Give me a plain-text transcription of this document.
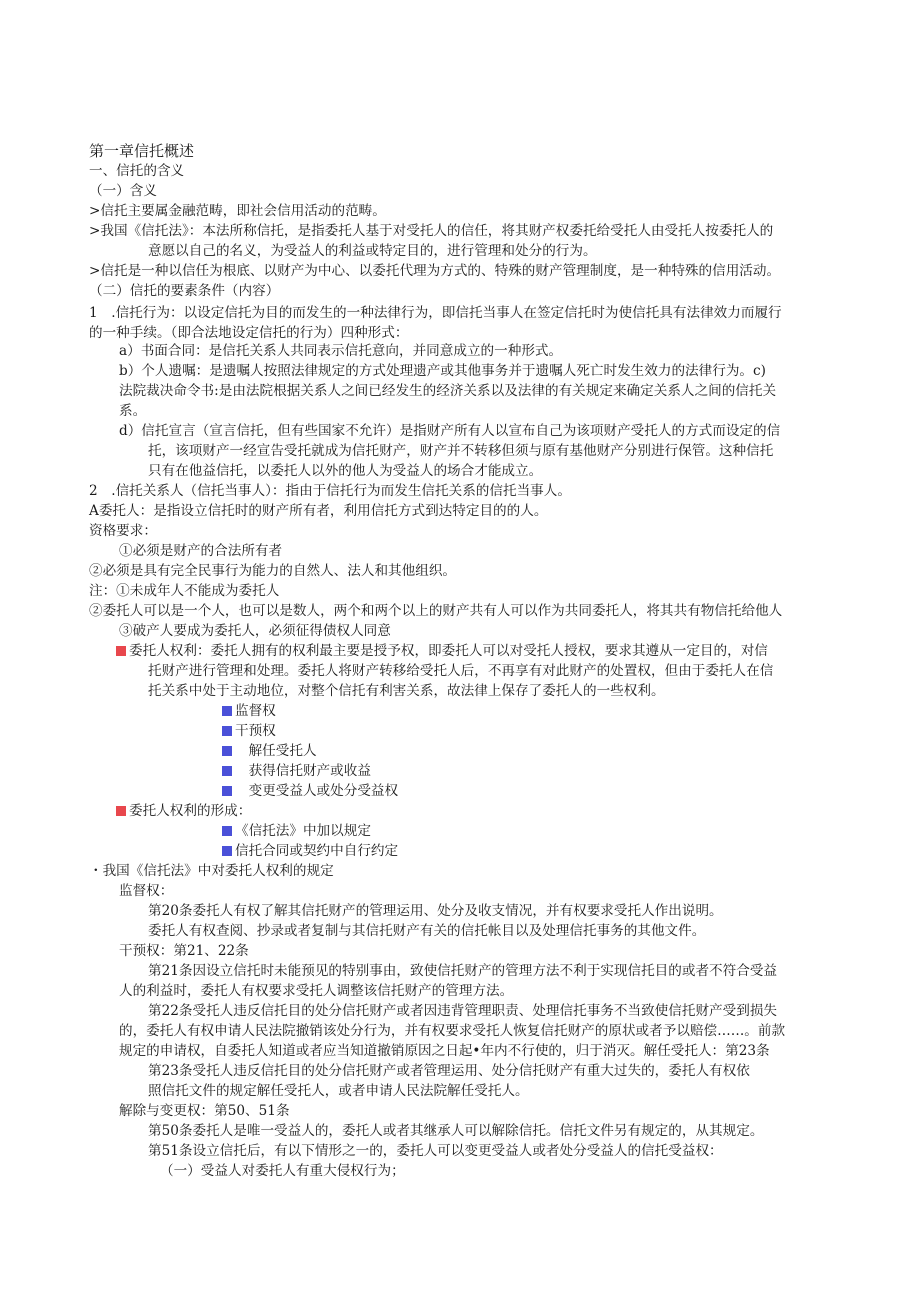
第一章信托概述
一、信托的含义
（一）含义
>信托主要属金融范畴，即社会信用活动的范畴。
>我国《信托法》：本法所称信托，是指委托人基于对受托人的信任，将其财产权委托给受托人由受托人按委托人的
意愿以自己的名义，为受益人的利益或特定目的，进行管理和处分的行为。
>信托是一种以信任为根底、以财产为中心、以委托代理为方式的、特殊的财产管理制度，是一种特殊的信用活动。
（二）信托的要素条件（内容）
1　.信托行为：以设定信托为目的而发生的一种法律行为，即信托当事人在签定信托时为使信托具有法律效力而履行
的一种手续。（即合法地设定信托的行为）四种形式：
a）书面合同：是信托关系人共同表示信托意向，并同意成立的一种形式。
b）个人遗嘱：是遗嘱人按照法律规定的方式处理遗产或其他事务并于遗嘱人死亡时发生效力的法律行为。c)
法院裁决命令书:是由法院根据关系人之间已经发生的经济关系以及法律的有关规定来确定关系人之间的信托关
系。
d）信托宣言（宣言信托，但有些国家不允许）是指财产所有人以宣布自己为该项财产受托人的方式而设定的信
托，该项财产一经宣告受托就成为信托财产，财产并不转移但须与原有基他财产分别进行保管。这种信托
只有在他益信托，以委托人以外的他人为受益人的场合才能成立。
2　.信托关系人（信托当事人）：指由于信托行为而发生信托关系的信托当事人。
A委托人：是指设立信托时的财产所有者，利用信托方式到达特定目的的人。
资格要求：
①必须是财产的合法所有者
②必须是具有完全民事行为能力的自然人、法人和其他组织。
注：①未成年人不能成为委托人
②委托人可以是一个人，也可以是数人，两个和两个以上的财产共有人可以作为共同委托人，将其共有物信托给他人
③破产人要成为委托人，必须征得债权人同意
委托人权利：委托人拥有的权利最主要是授予权，即委托人可以对受托人授权，要求其遵从一定目的，对信
托财产进行管理和处理。委托人将财产转移给受托人后，不再享有对此财产的处置权，但由于委托人在信
托关系中处于主动地位，对整个信托有利害关系，故法律上保存了委托人的一些权利。
监督权
干预权
　解任受托人
　获得信托财产或收益
　变更受益人或处分受益权
委托人权利的形成：
《信托法》中加以规定
信托合同或契约中自行约定
・我国《信托法》中对委托人权利的规定
监督权：
第20条委托人有权了解其信托财产的管理运用、处分及收支情况，并有权要求受托人作出说明。
委托人有权查阅、抄录或者复制与其信托财产有关的信托帐目以及处理信托事务的其他文件。
干预权：第21、22条
第21条因设立信托时未能预见的特别事由，致使信托财产的管理方法不利于实现信托目的或者不符合受益
人的利益时，委托人有权要求受托人调整该信托财产的管理方法。
第22条受托人违反信托目的处分信托财产或者因违背管理职责、处理信托事务不当致使信托财产受到损失
的，委托人有权申请人民法院撤销该处分行为，并有权要求受托人恢复信托财产的原状或者予以赔偿……。前款
规定的申请权，自委托人知道或者应当知道撤销原因之日起•年内不行使的，归于消灭。解任受托人：第23条
第23条受托人违反信托目的处分信托财产或者管理运用、处分信托财产有重大过失的，委托人有权依
照信托文件的规定解任受托人，或者申请人民法院解任受托人。
解除与变更权：第50、51条
第50条委托人是唯一受益人的，委托人或者其继承人可以解除信托。信托文件另有规定的，从其规定。
第51条设立信托后，有以下情形之一的，委托人可以变更受益人或者处分受益人的信托受益权：
（一）受益人对委托人有重大侵权行为；
